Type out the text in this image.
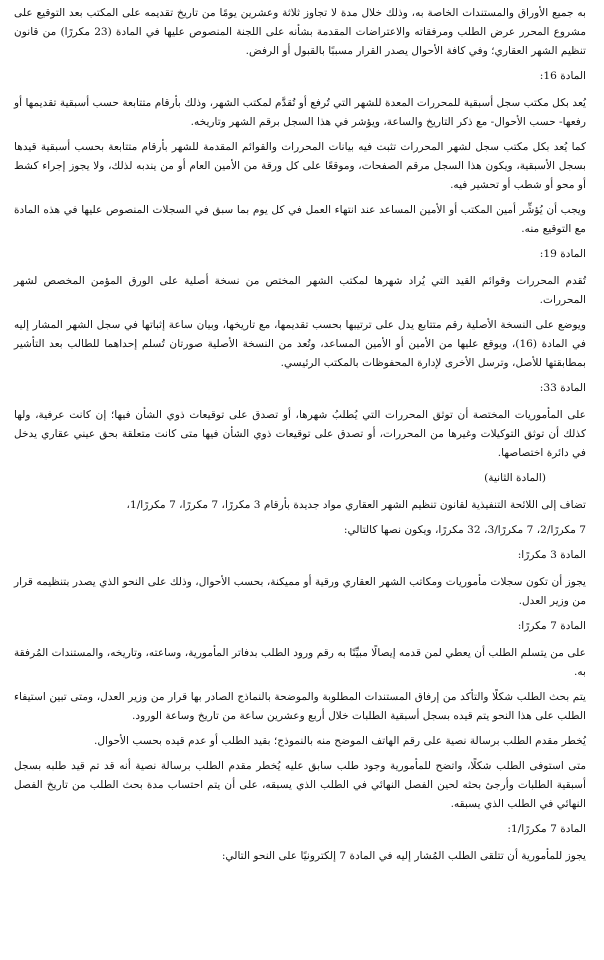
به جميع الأوراق والمستندات الخاصة به، وذلك خلال مدة لا تجاوز ثلاثة وعشرين يومًا من تاريخ تقديمه على المكتب بعد التوقيع على مشروع المحرر عرض الطلب ومرفقاته والاعتراضات المقدمة بشأنه على اللجنة المنصوص عليها في المادة (23 مكررًا) من قانون تنظيم الشهر العقاري؛ وفي كافة الأحوال يصدر القرار مسببًا بالقبول أو الرفض.

المادة 16:

يُعد بكل مكتب سجل أسبقية للمحررات المعدة للشهر التي تُرفع أو تُقدَّم لمكتب الشهر، وذلك بأرقام متتابعة حسب أسبقية تقديمها أو رفعها- حسب الأحوال- مع ذكر التاريخ والساعة، ويؤشر في هذا السجل برقم الشهر وتاريخه.

كما يُعد بكل مكتب سجل لشهر المحررات تثبت فيه بيانات المحررات والقوائم المقدمة للشهر بأرقام متتابعة بحسب أسبقية قيدها بسجل الأسبقية، ويكون هذا السجل مرقم الصفحات، وموقعًا على كل ورقة من الأمين العام أو من يندبه لذلك، ولا يجوز إجراء كشط أو محو أو شطب أو تحشير فيه.

ويجب أن يُؤشِّر أمين المكتب أو الأمين المساعد عند انتهاء العمل في كل يوم بما سبق في السجلات المنصوص عليها في هذه المادة مع التوقيع منه.

المادة 19:

تُقدم المحررات وقوائم القيد التي يُراد شهرها لمكتب الشهر المختص من نسخة أصلية على الورق المؤمن المخصص لشهر المحررات.

ويوضع على النسخة الأصلية رقم متتابع يدل على ترتيبها بحسب تقديمها، مع تاريخها، وبيان ساعة إثباتها في سجل الشهر المشار إليه في المادة (16)، ويوقع عليها من الأمين أو الأمين المساعد، وتُعد من النسخة الأصلية صورتان تُسلم إحداهما للطالب بعد التأشير بمطابقتها للأصل، وترسل الأخرى لإدارة المحفوظات بالمكتب الرئيسي.

المادة 33:

على المأموريات المختصة أن توثق المحررات التي يُطلبُ شهرها، أو تصدق على توقيعات ذوي الشأن فيها؛ إن كانت عرفية، ولها كذلك أن توثق التوكيلات وغيرها من المحررات، أو تصدق على توقيعات ذوي الشأن فيها متى كانت متعلقة بحق عيني عقاري يدخل في دائرة اختصاصها.

(المادة الثانية)

تضاف إلى اللائحة التنفيذية لقانون تنظيم الشهر العقاري مواد جديدة بأرقام 3 مكررًا، 7 مكررًا، 7 مكررًا/1،

7 مكررًا/2، 7 مكررًا/3، 32 مكررًا، ويكون نصها كالتالي:

المادة 3 مكررًا:

يجوز أن تكون سجلات مأموريات ومكاتب الشهر العقاري ورقية أو مميكنة، بحسب الأحوال، وذلك على النحو الذي يصدر بتنظيمه قرار من وزير العدل.

المادة 7 مكررًا:

على من يتسلم الطلب أن يعطي لمن قدمه إيصالًا مبيِّنًا به رقم ورود الطلب بدفاتر المأمورية، وساعته، وتاريخه، والمستندات المُرفقة به.

يتم بحث الطلب شكلًا والتأكد من إرفاق المستندات المطلوبة والموضحة بالنماذج الصادر بها قرار من وزير العدل، ومتى تبين استيفاء الطلب على هذا النحو يتم قيده بسجل أسبقية الطلبات خلال أربع وعشرين ساعة من تاريخ وساعة الورود.

يُخطر مقدم الطلب برسالة نصية على رقم الهاتف الموضح منه بالنموذج؛ بقيد الطلب أو عدم قيده بحسب الأحوال.

متى استوفى الطلب شكلًا، واتضح للمأمورية وجود طلب سابق عليه يُخطر مقدم الطلب برسالة نصية أنه قد تم قيد طلبه بسجل أسبقية الطلبات وأرجئ بحثه لحين الفصل النهائي في الطلب الذي يسبقه، على أن يتم احتساب مدة بحث الطلب من تاريخ الفصل النهائي في الطلب الذي يسبقه.

المادة 7 مكررًا/1:

يجوز للمأمورية أن تتلقى الطلب المُشار إليه في المادة 7 إلكترونيًا على النحو التالي:
